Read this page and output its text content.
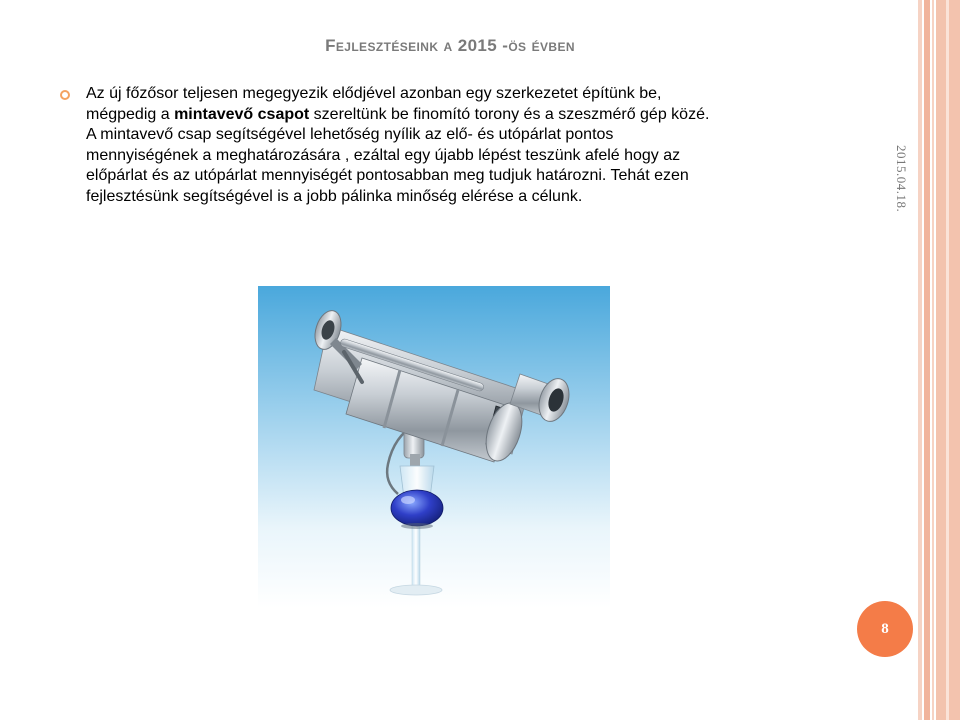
Fejlesztéseink a 2015 -ös évben
Az új főzősor teljesen megegyezik elődjével azonban egy szerkezetet építünk be,
mégpedig a mintavevő csapot szereltünk be finomító torony és a szeszmérő gép közé.
A mintavevő csap segítségével lehetőség nyílik az elő- és utópárlat pontos
mennyiségének a meghatározására , ezáltal egy újabb lépést teszünk afelé hogy az
előpárlat és az utópárlat mennyiségét pontosabban meg tudjuk határozni. Tehát ezen
fejlesztésünk segítségével is a jobb pálinka minőség elérése a célunk.	2015.04.18.
8
